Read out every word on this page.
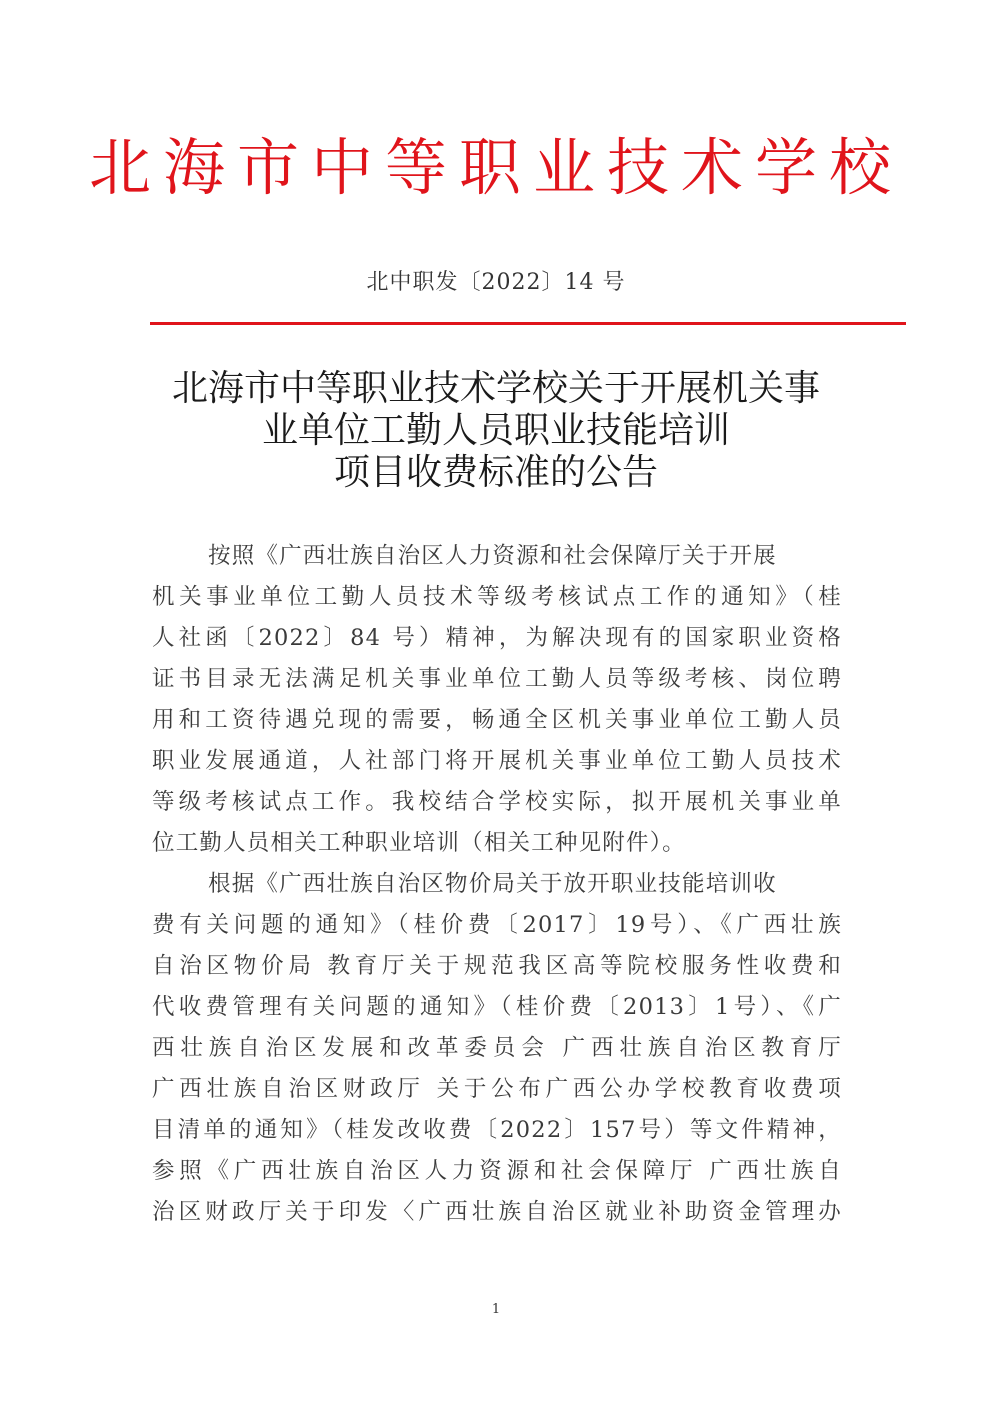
北海市中等职业技术学校
北中职发〔2022〕14 号
北海市中等职业技术学校关于开展机关事
业单位工勤人员职业技能培训
项目收费标准的公告
按照《广西壮族自治区人力资源和社会保障厅关于开展
机关事业单位工勤人员技术等级考核试点工作的通知》（桂
人社函〔2022〕84 号）精神，为解决现有的国家职业资格
证书目录无法满足机关事业单位工勤人员等级考核、岗位聘
用和工资待遇兑现的需要，畅通全区机关事业单位工勤人员
职业发展通道，人社部门将开展机关事业单位工勤人员技术
等级考核试点工作。我校结合学校实际，拟开展机关事业单
位工勤人员相关工种职业培训（相关工种见附件）。
根据《广西壮族自治区物价局关于放开职业技能培训收
费有关问题的通知》（桂价费〔2017〕19号）、《广西壮族
自治区物价局 教育厅关于规范我区高等院校服务性收费和
代收费管理有关问题的通知》（桂价费〔2013〕1号）、《广
西壮族自治区发展和改革委员会 广西壮族自治区教育厅
广西壮族自治区财政厅 关于公布广西公办学校教育收费项
目清单的通知》（桂发改收费〔2022〕157号）等文件精神，
参照《广西壮族自治区人力资源和社会保障厅 广西壮族自
治区财政厅关于印发〈广西壮族自治区就业补助资金管理办
1
